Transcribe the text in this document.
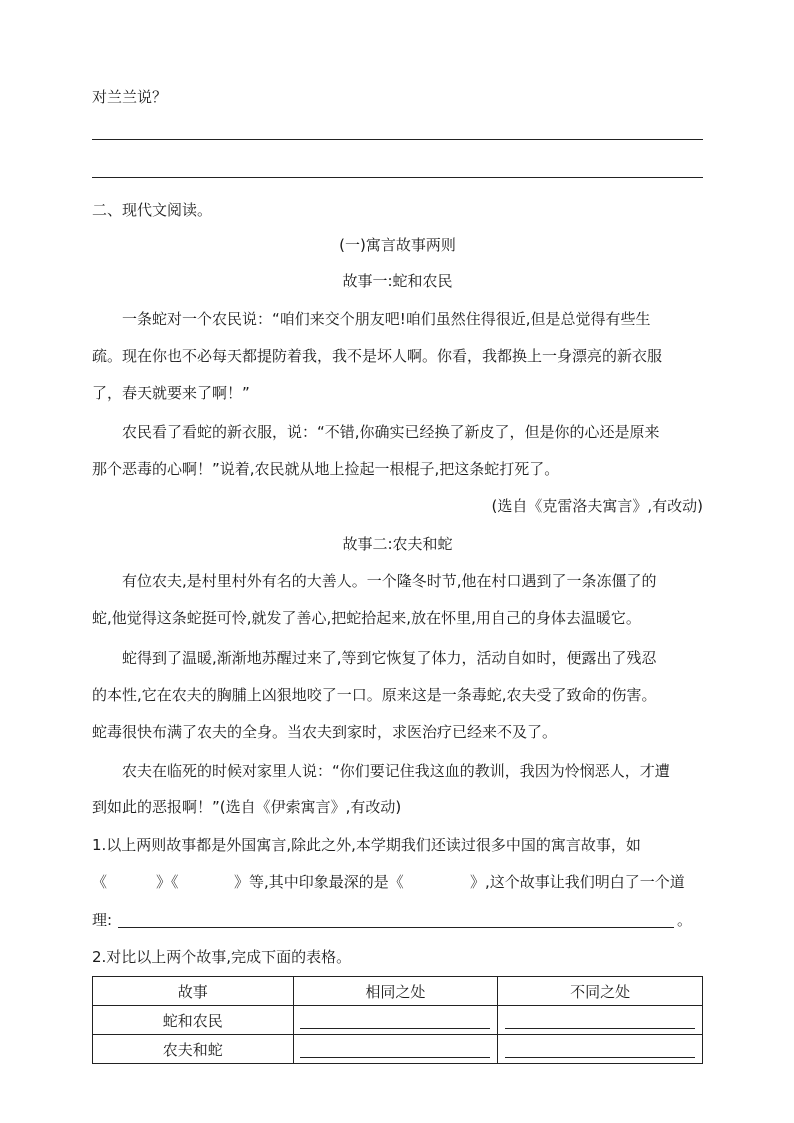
对兰兰说？
二、现代文阅读。
(一)寓言故事两则
故事一:蛇和农民
一条蛇对一个农民说：“咱们来交个朋友吧!咱们虽然住得很近,但是总觉得有些生
疏。现在你也不必每天都提防着我，我不是坏人啊。你看，我都换上一身漂亮的新衣服
了，春天就要来了啊！”
农民看了看蛇的新衣服，说：“不错,你确实已经换了新皮了，但是你的心还是原来
那个恶毒的心啊！”说着,农民就从地上捡起一根棍子,把这条蛇打死了。
(选自《克雷洛夫寓言》,有改动)
故事二:农夫和蛇
有位农夫,是村里村外有名的大善人。一个隆冬时节,他在村口遇到了一条冻僵了的
蛇,他觉得这条蛇挺可怜,就发了善心,把蛇拾起来,放在怀里,用自己的身体去温暖它。
蛇得到了温暖,渐渐地苏醒过来了,等到它恢复了体力，活动自如时，便露出了残忍
的本性,它在农夫的胸脯上凶狠地咬了一口。原来这是一条毒蛇,农夫受了致命的伤害。
蛇毒很快布满了农夫的全身。当农夫到家时，求医治疗已经来不及了。
农夫在临死的时候对家里人说：“你们要记住我这血的教训，我因为怜悯恶人，才遭
到如此的恶报啊！”(选自《伊索寓言》,有改动)
1.以上两则故事都是外国寓言,除此之外,本学期我们还读过很多中国的寓言故事，如
《	》《	》等,其中印象最深的是《	》,这个故事让我们明白了一个道
理:	。
2.对比以上两个故事,完成下面的表格。
故事	相同之处	不同之处
蛇和农民		
农夫和蛇		
